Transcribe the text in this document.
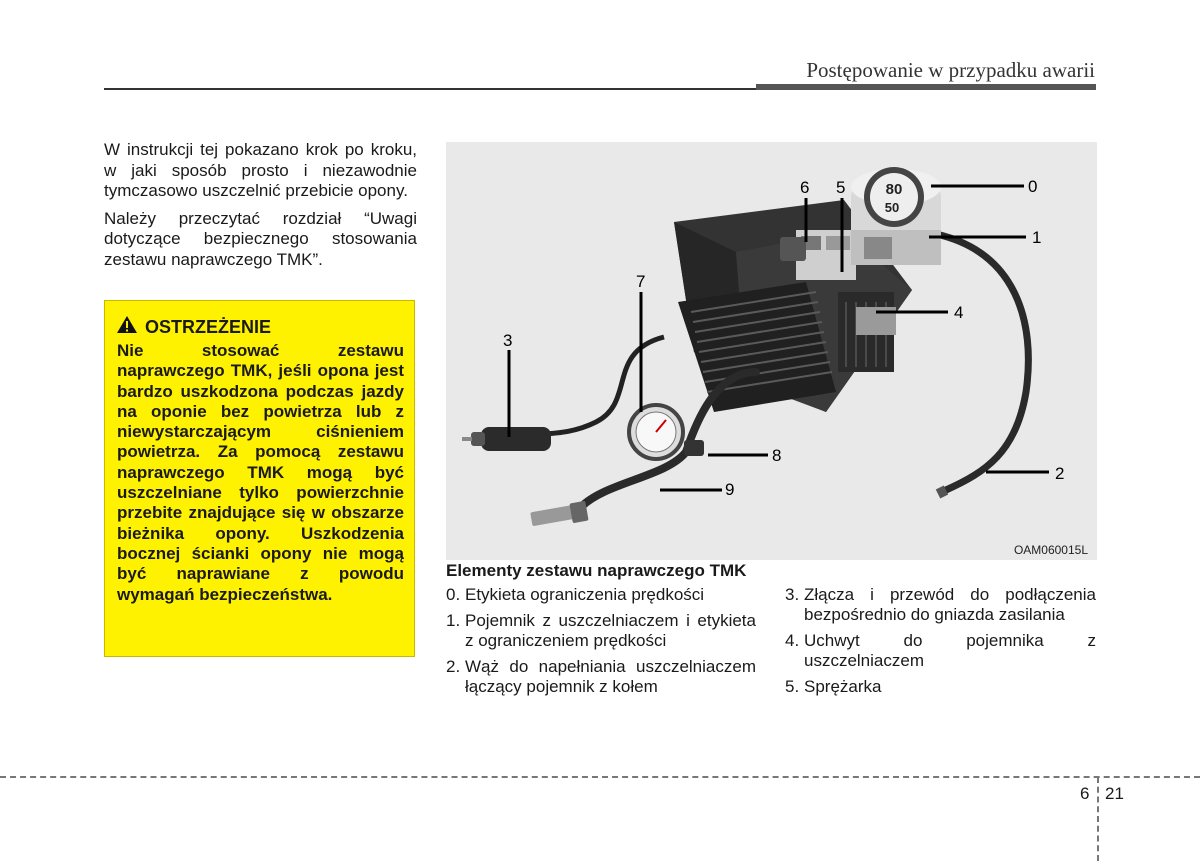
Postępowanie w przypadku awarii

W instrukcji tej pokazano krok po kroku, w jaki sposób prosto i niezawodnie tymczasowo uszczelnić przebicie opony.

Należy przeczytać rozdział “Uwagi dotyczące bezpiecznego stosowania zestawu naprawczego TMK”.

OSTRZEŻENIE
Nie stosować zestawu naprawczego TMK, jeśli opona jest bardzo uszkodzona podczas jazdy na oponie bez powietrza lub z niewystarczającym ciśnieniem powietrza. Za pomocą zestawu naprawczego TMK mogą być uszczelniane tylko powierzchnie przebite znajdujące się w obszarze bieżnika opony. Uszkodzenia bocznej ścianki opony nie mogą być naprawiane z powodu wymagań bezpieczeństwa.
80
50
0
1
2
3
4
5
6
7
8
9
OAM060015L
Elementy zestawu naprawczego TMK
0. Etykieta ograniczenia prędkości
1. Pojemnik z uszczelniaczem i etykieta z ograniczeniem prędkości
2. Wąż do napełniania uszczelniaczem łączący pojemnik z kołem
3. Złącza i przewód do podłączenia bezpośrednio do gniazda zasilania
4. Uchwyt do pojemnika z uszczelniaczem
5. Sprężarka
6 21
